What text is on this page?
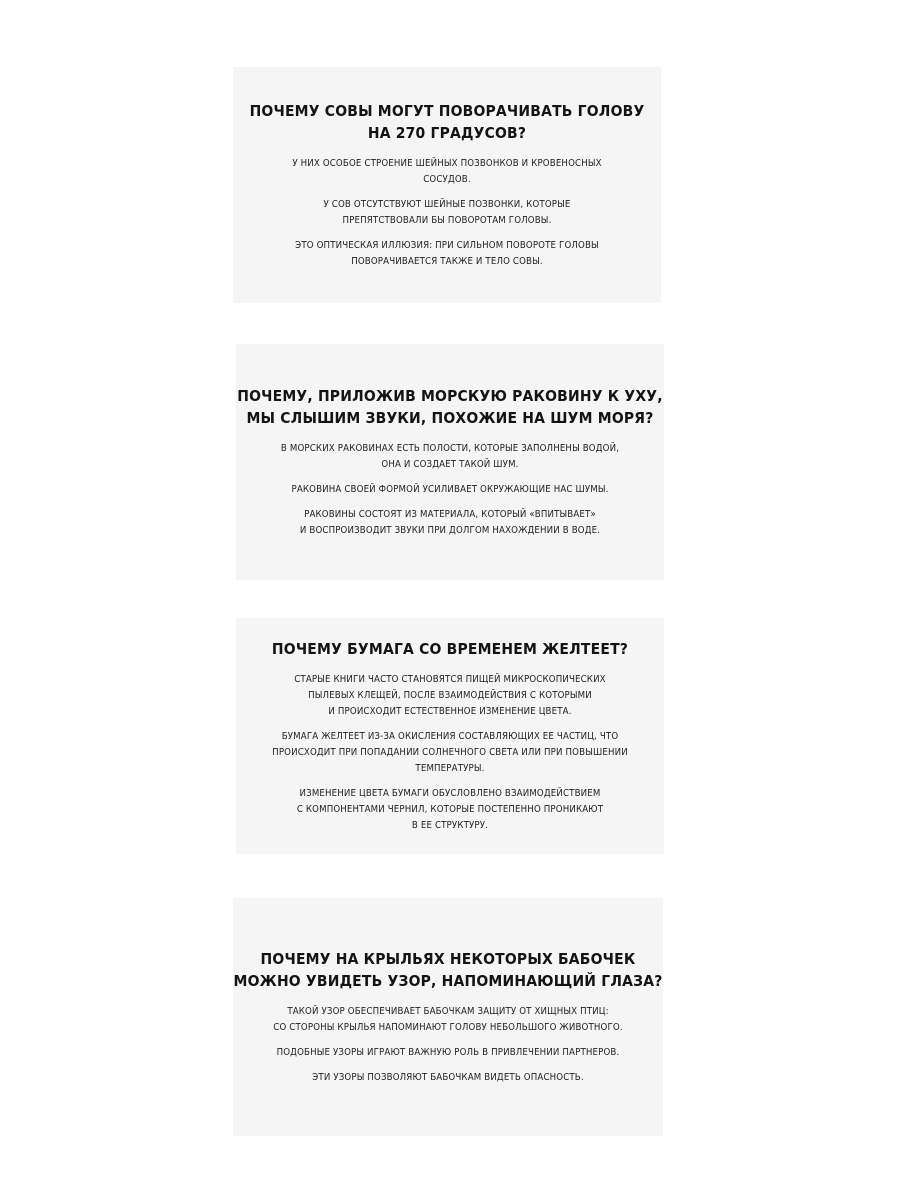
ПОЧЕМУ СОВЫ МОГУТ ПОВОРАЧИВАТЬ ГОЛОВУ
НА 270 ГРАДУСОВ?
У НИХ ОСОБОЕ СТРОЕНИЕ ШЕЙНЫХ ПОЗВОНКОВ И КРОВЕНОСНЫХ
СОСУДОВ.
У СОВ ОТСУТСТВУЮТ ШЕЙНЫЕ ПОЗВОНКИ, КОТОРЫЕ
ПРЕПЯТСТВОВАЛИ БЫ ПОВОРОТАМ ГОЛОВЫ.
ЭТО ОПТИЧЕСКАЯ ИЛЛЮЗИЯ: ПРИ СИЛЬНОМ ПОВОРОТЕ ГОЛОВЫ
ПОВОРАЧИВАЕТСЯ ТАКЖЕ И ТЕЛО СОВЫ.
ПОЧЕМУ, ПРИЛОЖИВ МОРСКУЮ РАКОВИНУ К УХУ,
МЫ СЛЫШИМ ЗВУКИ, ПОХОЖИЕ НА ШУМ МОРЯ?
В МОРСКИХ РАКОВИНАХ ЕСТЬ ПОЛОСТИ, КОТОРЫЕ ЗАПОЛНЕНЫ ВОДОЙ,
ОНА И СОЗДАЕТ ТАКОЙ ШУМ.
РАКОВИНА СВОЕЙ ФОРМОЙ УСИЛИВАЕТ ОКРУЖАЮЩИЕ НАС ШУМЫ.
РАКОВИНЫ СОСТОЯТ ИЗ МАТЕРИАЛА, КОТОРЫЙ «ВПИТЫВАЕТ»
И ВОСПРОИЗВОДИТ ЗВУКИ ПРИ ДОЛГОМ НАХОЖДЕНИИ В ВОДЕ.
ПОЧЕМУ БУМАГА СО ВРЕМЕНЕМ ЖЕЛТЕЕТ?
СТАРЫЕ КНИГИ ЧАСТО СТАНОВЯТСЯ ПИЩЕЙ МИКРОСКОПИЧЕСКИХ
ПЫЛЕВЫХ КЛЕЩЕЙ, ПОСЛЕ ВЗАИМОДЕЙСТВИЯ С КОТОРЫМИ
И ПРОИСХОДИТ ЕСТЕСТВЕННОЕ ИЗМЕНЕНИЕ ЦВЕТА.
БУМАГА ЖЕЛТЕЕТ ИЗ-ЗА ОКИСЛЕНИЯ СОСТАВЛЯЮЩИХ ЕЕ ЧАСТИЦ, ЧТО
ПРОИСХОДИТ ПРИ ПОПАДАНИИ СОЛНЕЧНОГО СВЕТА ИЛИ ПРИ ПОВЫШЕНИИ
ТЕМПЕРАТУРЫ.
ИЗМЕНЕНИЕ ЦВЕТА БУМАГИ ОБУСЛОВЛЕНО ВЗАИМОДЕЙСТВИЕМ
С КОМПОНЕНТАМИ ЧЕРНИЛ, КОТОРЫЕ ПОСТЕПЕННО ПРОНИКАЮТ
В ЕЕ СТРУКТУРУ.
ПОЧЕМУ НА КРЫЛЬЯХ НЕКОТОРЫХ БАБОЧЕК
МОЖНО УВИДЕТЬ УЗОР, НАПОМИНАЮЩИЙ ГЛАЗА?
ТАКОЙ УЗОР ОБЕСПЕЧИВАЕТ БАБОЧКАМ ЗАЩИТУ ОТ ХИЩНЫХ ПТИЦ:
СО СТОРОНЫ КРЫЛЬЯ НАПОМИНАЮТ ГОЛОВУ НЕБОЛЬШОГО ЖИВОТНОГО.
ПОДОБНЫЕ УЗОРЫ ИГРАЮТ ВАЖНУЮ РОЛЬ В ПРИВЛЕЧЕНИИ ПАРТНЕРОВ.
ЭТИ УЗОРЫ ПОЗВОЛЯЮТ БАБОЧКАМ ВИДЕТЬ ОПАСНОСТЬ.
